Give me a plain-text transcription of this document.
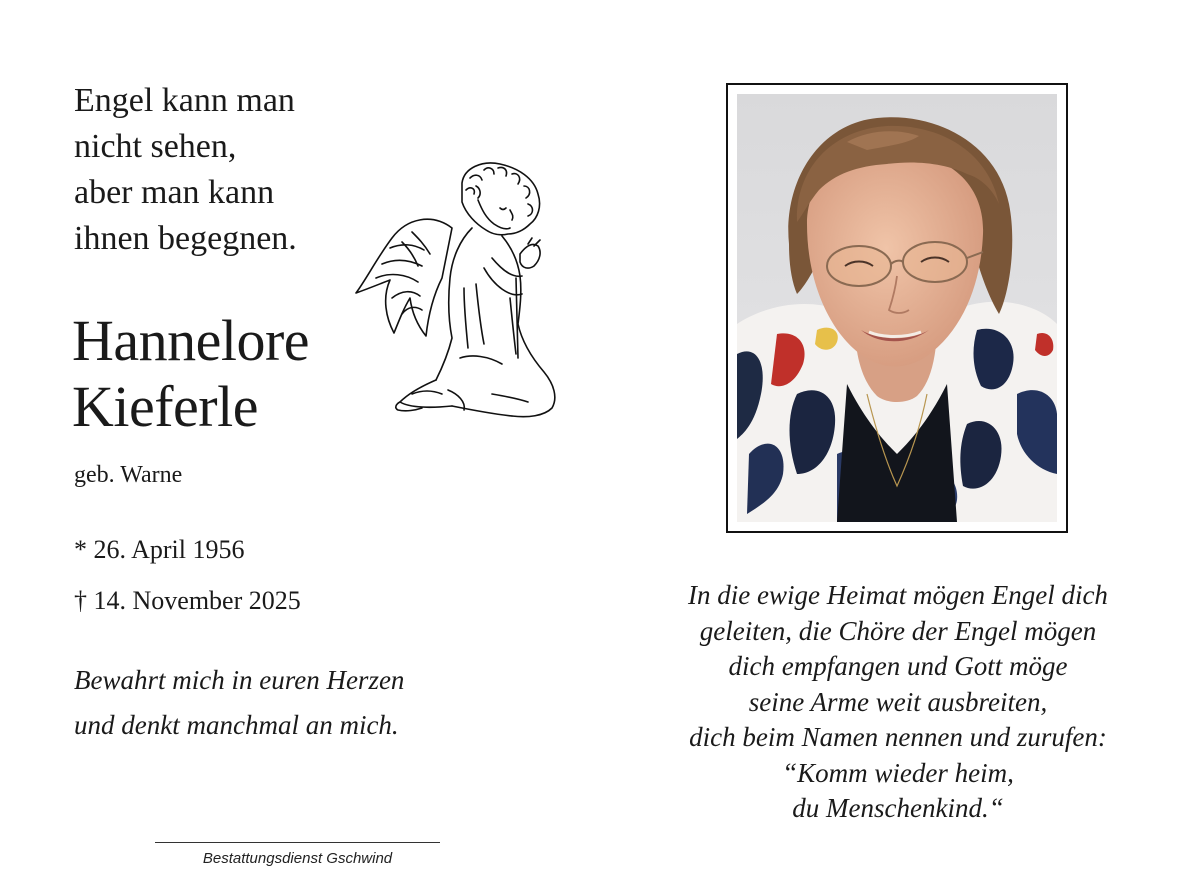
Engel kann man
nicht sehen,
aber man kann
ihnen begegnen.
Hannelore
Kieferle
geb. Warne
* 26. April 1956
† 14. November 2025
Bewahrt mich in euren Herzen
und denkt manchmal an mich.
In die ewige Heimat mögen Engel dich
geleiten, die Chöre der Engel mögen
dich empfangen und Gott möge
seine Arme weit ausbreiten,
dich beim Namen nennen und zurufen:
“Komm wieder heim,
du Menschenkind.“
Bestattungsdienst Gschwind
